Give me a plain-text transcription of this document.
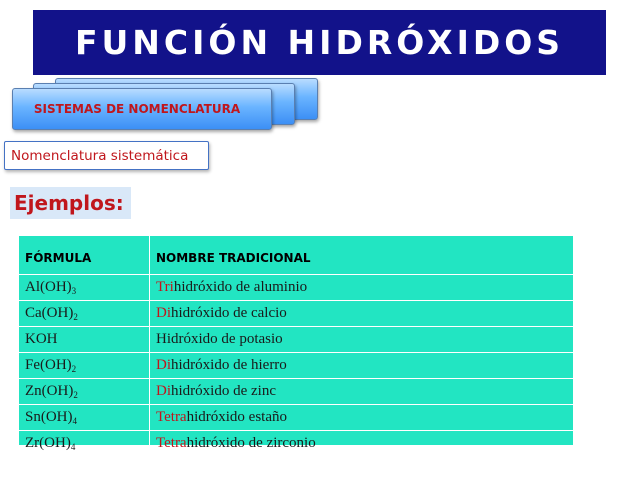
FUNCIÓN HIDRÓXIDOS
SISTEMAS DE NOMENCLATURA
Nomenclatura sistemática
Ejemplos:
FÓRMULA	NOMBRE TRADICIONAL
$Al(OH)_3$	Trihidróxido de aluminio
$Ca(OH)_2$	Dihidróxido de calcio
KOH	Hidróxido de potasio
$Fe(OH)_2$	Dihidróxido de hierro
$Zn(OH)_2$	Dihidróxido de zinc
$Sn(OH)_4$	Tetrahidróxido estaño
$Zr(OH)_4$	Tetrahidróxido de zirconio
